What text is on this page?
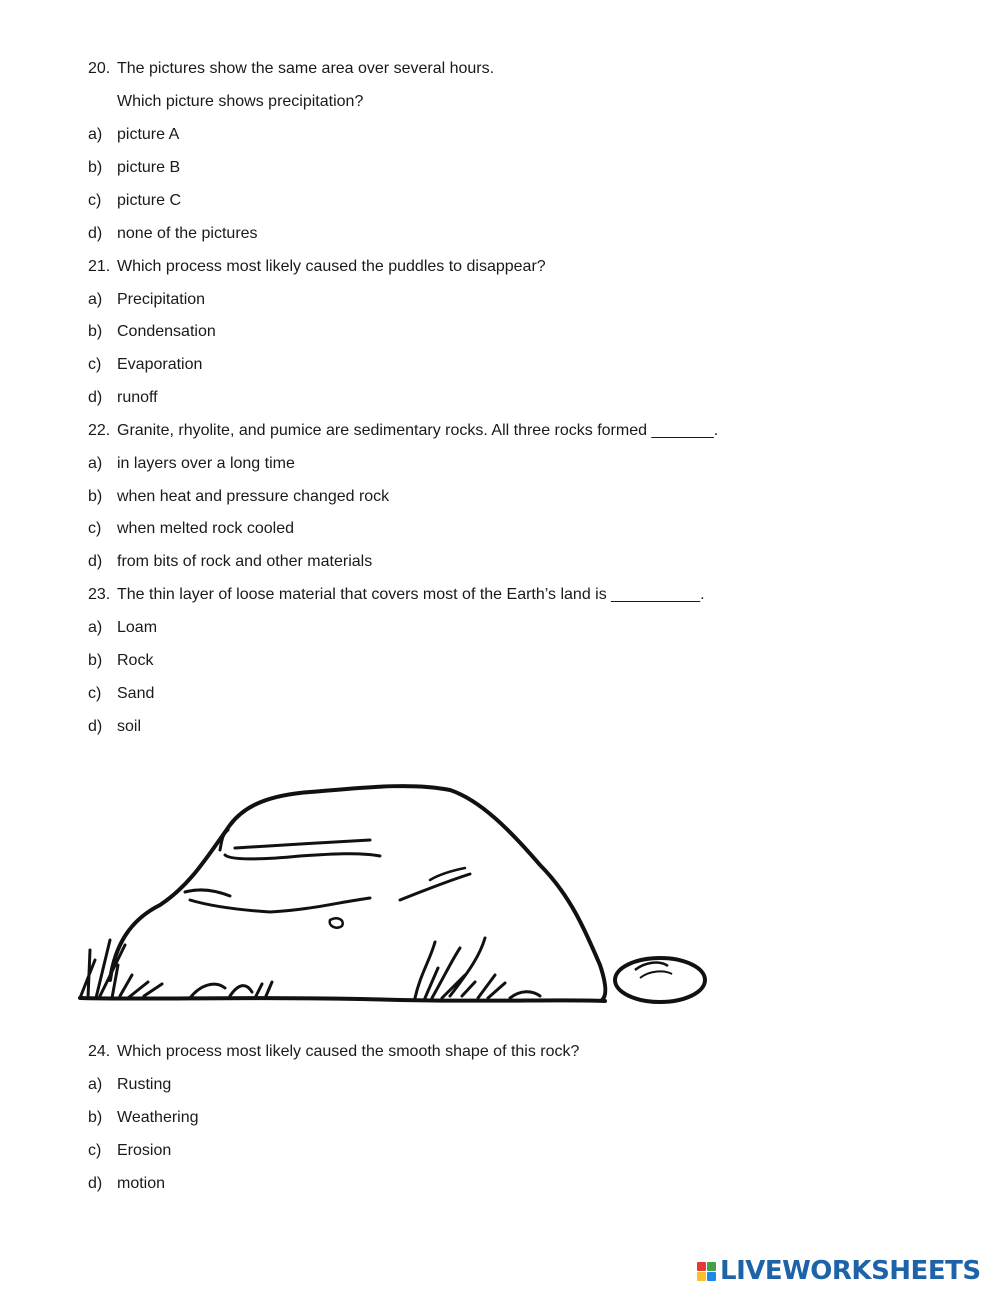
20. The pictures show the same area over several hours.
Which picture shows precipitation?
a) picture A
b) picture B
c) picture C
d) none of the pictures
21. Which process most likely caused the puddles to disappear?
a) Precipitation
b) Condensation
c) Evaporation
d) runoff
22. Granite, rhyolite, and pumice are sedimentary rocks. All three rocks formed _______.
a) in layers over a long time
b) when heat and pressure changed rock
c) when melted rock cooled
d) from bits of rock and other materials
23. The thin layer of loose material that covers most of the Earth’s land is __________.
a) Loam
b) Rock
c) Sand
d) soil
24. Which process most likely caused the smooth shape of this rock?
a) Rusting
b) Weathering
c) Erosion
d) motion
LIVEWORKSHEETS
